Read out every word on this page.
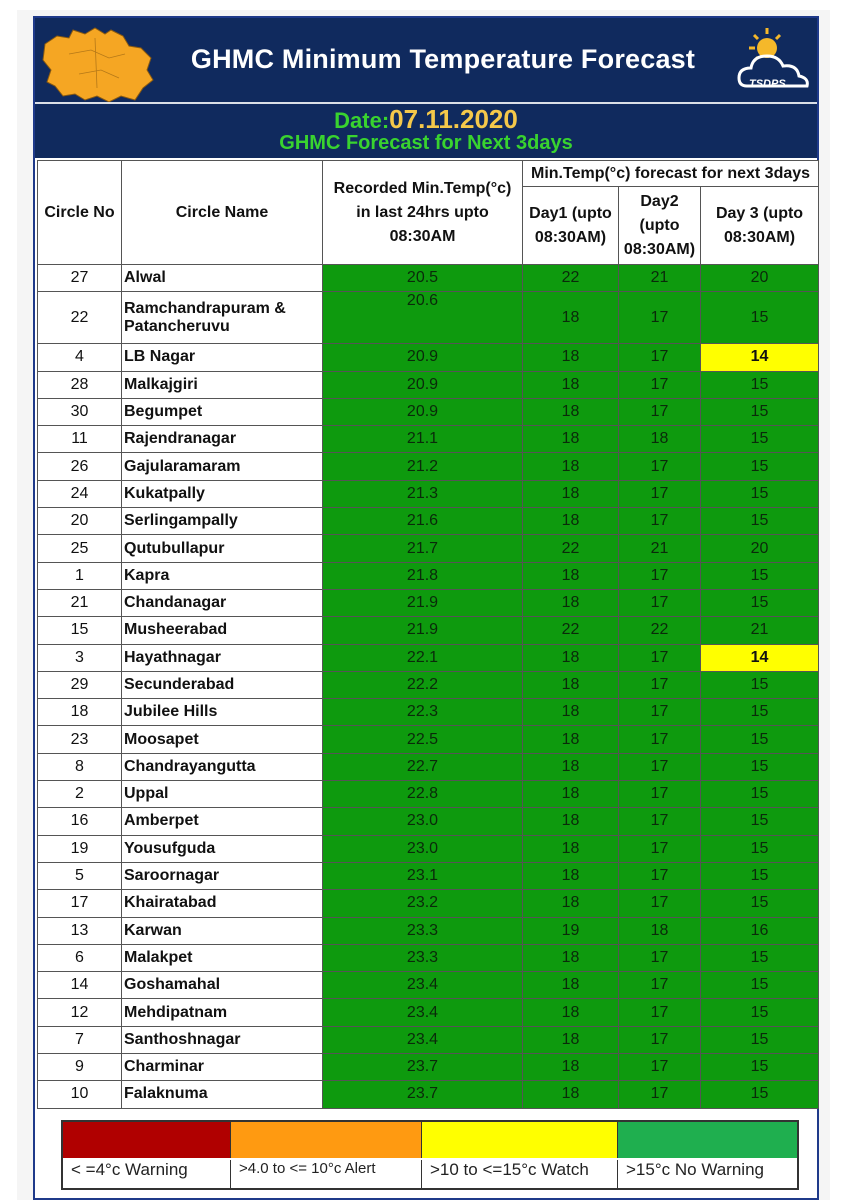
GHMC Minimum Temperature Forecast
TSDPS
Date:07.11.2020
GHMC Forecast for Next 3days
Circle No	Circle Name	Recorded Min.Temp(°c) in last 24hrs upto 08:30AM	Min.Temp(°c) forecast for next 3days		
			Day1 (upto 08:30AM)	Day2 (upto 08:30AM)	Day 3 (upto 08:30AM)
27	Alwal	20.5	22	21	20
22	Ramchandrapuram & Patancheruvu	20.6	18	17	15
4	LB Nagar	20.9	18	17	14
28	Malkajgiri	20.9	18	17	15
30	Begumpet	20.9	18	17	15
11	Rajendranagar	21.1	18	18	15
26	Gajularamaram	21.2	18	17	15
24	Kukatpally	21.3	18	17	15
20	Serlingampally	21.6	18	17	15
25	Qutubullapur	21.7	22	21	20
1	Kapra	21.8	18	17	15
21	Chandanagar	21.9	18	17	15
15	Musheerabad	21.9	22	22	21
3	Hayathnagar	22.1	18	17	14
29	Secunderabad	22.2	18	17	15
18	Jubilee Hills	22.3	18	17	15
23	Moosapet	22.5	18	17	15
8	Chandrayangutta	22.7	18	17	15
2	Uppal	22.8	18	17	15
16	Amberpet	23.0	18	17	15
19	Yousufguda	23.0	18	17	15
5	Saroornagar	23.1	18	17	15
17	Khairatabad	23.2	18	17	15
13	Karwan	23.3	19	18	16
6	Malakpet	23.3	18	17	15
14	Goshamahal	23.4	18	17	15
12	Mehdipatnam	23.4	18	17	15
7	Santhoshnagar	23.4	18	17	15
9	Charminar	23.7	18	17	15
10	Falaknuma	23.7	18	17	15
< =4°c Warning	>4.0 to <= 10°c Alert	>10 to <=15°c Watch	>15°c No Warning
